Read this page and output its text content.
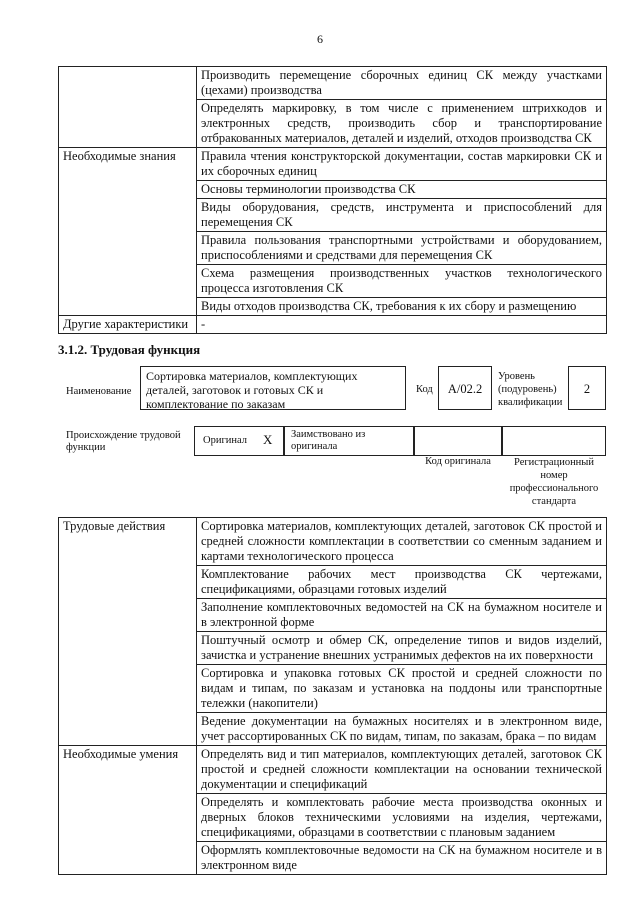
6
	Производить перемещение сборочных единиц СК между участками (цехами) производства
	Определять маркировку, в том числе с применением штрихкодов и электронных средств, производить сбор и транспортирование отбракованных материалов, деталей и изделий, отходов производства СК
Необходимые знания	Правила чтения конструкторской документации, состав маркировки СК и их сборочных единиц
	Основы терминологии производства СК
	Виды оборудования, средств, инструмента и приспособлений для перемещения СК
	Правила пользования транспортными устройствами и оборудованием, приспособлениями и средствами для перемещения СК
	Схема размещения производственных участков технологического процесса изготовления СК
	Виды отходов производства СК, требования к их сбору и размещению
Другие характеристики	-
3.1.2. Трудовая функция
Наименование
Сортировка материалов, комплектующих деталей, заготовок и готовых СК и комплектование по заказам
Код	A/02.2
Уровень (подуровень) квалификации
2
Происхождение трудовой функции
Оригинал X	Заимствовано из оригинала
Код оригинала	Регистрационный номер профессионального стандарта
Трудовые действия	Сортировка материалов, комплектующих деталей, заготовок СК простой и средней сложности комплектации в соответствии со сменным заданием и картами технологического процесса
	Комплектование рабочих мест производства СК чертежами, спецификациями, образцами готовых изделий
	Заполнение комплектовочных ведомостей на СК на бумажном носителе и в электронной форме
	Поштучный осмотр и обмер СК, определение типов и видов изделий, зачистка и устранение внешних устранимых дефектов на их поверхности
	Сортировка и упаковка готовых СК простой и средней сложности по видам и типам, по заказам и установка на поддоны или транспортные тележки (накопители)
	Ведение документации на бумажных носителях и в электронном виде, учет рассортированных СК по видам, типам, по заказам, брака – по видам
Необходимые умения	Определять вид и тип материалов, комплектующих деталей, заготовок СК простой и средней сложности комплектации на основании технической документации и спецификаций
	Определять и комплектовать рабочие места производства оконных и дверных блоков техническими условиями на изделия, чертежами, спецификациями, образцами в соответствии с плановым заданием
	Оформлять комплектовочные ведомости на СК на бумажном носителе и в электронном виде
